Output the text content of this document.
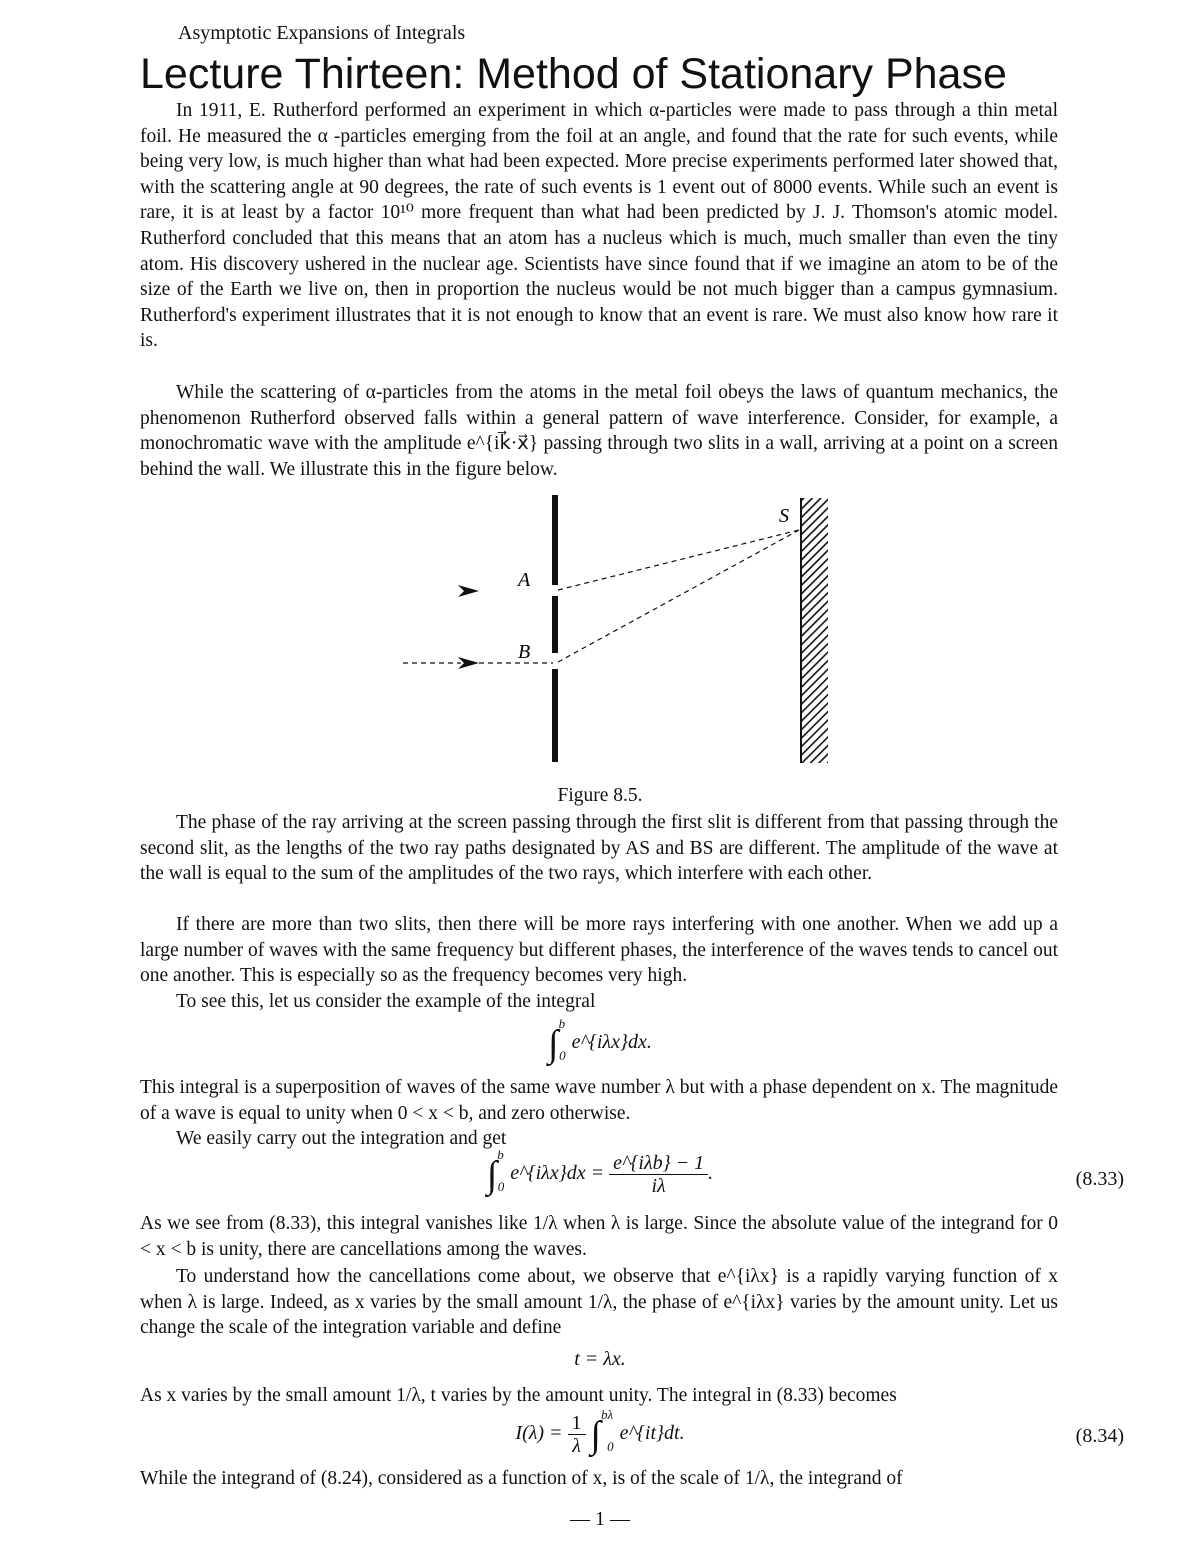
Asymptotic Expansions of Integrals
Lecture Thirteen: Method of Stationary Phase

In 1911, E. Rutherford performed an experiment in which α-particles were made to pass through a thin metal foil. He measured the α -particles emerging from the foil at an angle, and found that the rate for such events, while being very low, is much higher than what had been expected. More precise experiments performed later showed that, with the scattering angle at 90 degrees, the rate of such events is 1 event out of 8000 events. While such an event is rare, it is at least by a factor 10¹⁰ more frequent than what had been predicted by J. J. Thomson's atomic model. Rutherford concluded that this means that an atom has a nucleus which is much, much smaller than even the tiny atom. His discovery ushered in the nuclear age. Scientists have since found that if we imagine an atom to be of the size of the Earth we live on, then in proportion the nucleus would be not much bigger than a campus gymnasium. Rutherford's experiment illustrates that it is not enough to know that an event is rare. We must also know how rare it is.

While the scattering of α-particles from the atoms in the metal foil obeys the laws of quantum mechanics, the phenomenon Rutherford observed falls within a general pattern of wave interference. Consider, for example, a monochromatic wave with the amplitude e^{ik⃗·x⃗} passing through two slits in a wall, arriving at a point on a screen behind the wall. We illustrate this in the figure below.

A
B
S
Figure 8.5.

The phase of the ray arriving at the screen passing through the first slit is different from that passing through the second slit, as the lengths of the two ray paths designated by AS and BS are different. The amplitude of the wave at the wall is equal to the sum of the amplitudes of the two rays, which interfere with each other.

If there are more than two slits, then there will be more rays interfering with one another. When we add up a large number of waves with the same frequency but different phases, the interference of the waves tends to cancel out one another. This is especially so as the frequency becomes very high.

To see this, let us consider the example of the integral

∫$^b_0$e^{iλx}dx.

This integral is a superposition of waves of the same wave number λ but with a phase dependent on x. The magnitude of a wave is equal to unity when 0 < x < b, and zero otherwise.

We easily carry out the integration and get

∫$^b_0$e^{iλx}dx = $\frac{\text{e\textasciicircum{}\{iλb\} − 1}}{i\lambda}$ .	(8.33)

As we see from (8.33), this integral vanishes like 1/λ when λ is large. Since the absolute value of the integrand for 0 < x < b is unity, there are cancellations among the waves.

To understand how the cancellations come about, we observe that e^{iλx} is a rapidly varying function of x when λ is large. Indeed, as x varies by the small amount 1/λ, the phase of e^{iλx} varies by the amount unity. Let us change the scale of the integration variable and define

t = λx.

As x varies by the small amount 1/λ, t varies by the amount unity. The integral in (8.33) becomes

$I(\lambda) = \frac{1}{\lambda}$ ∫$^{b\lambda}_0$e^{it}dt.	(8.34)

While the integrand of (8.24), considered as a function of x, is of the scale of 1/λ, the integrand of

— 1 —
